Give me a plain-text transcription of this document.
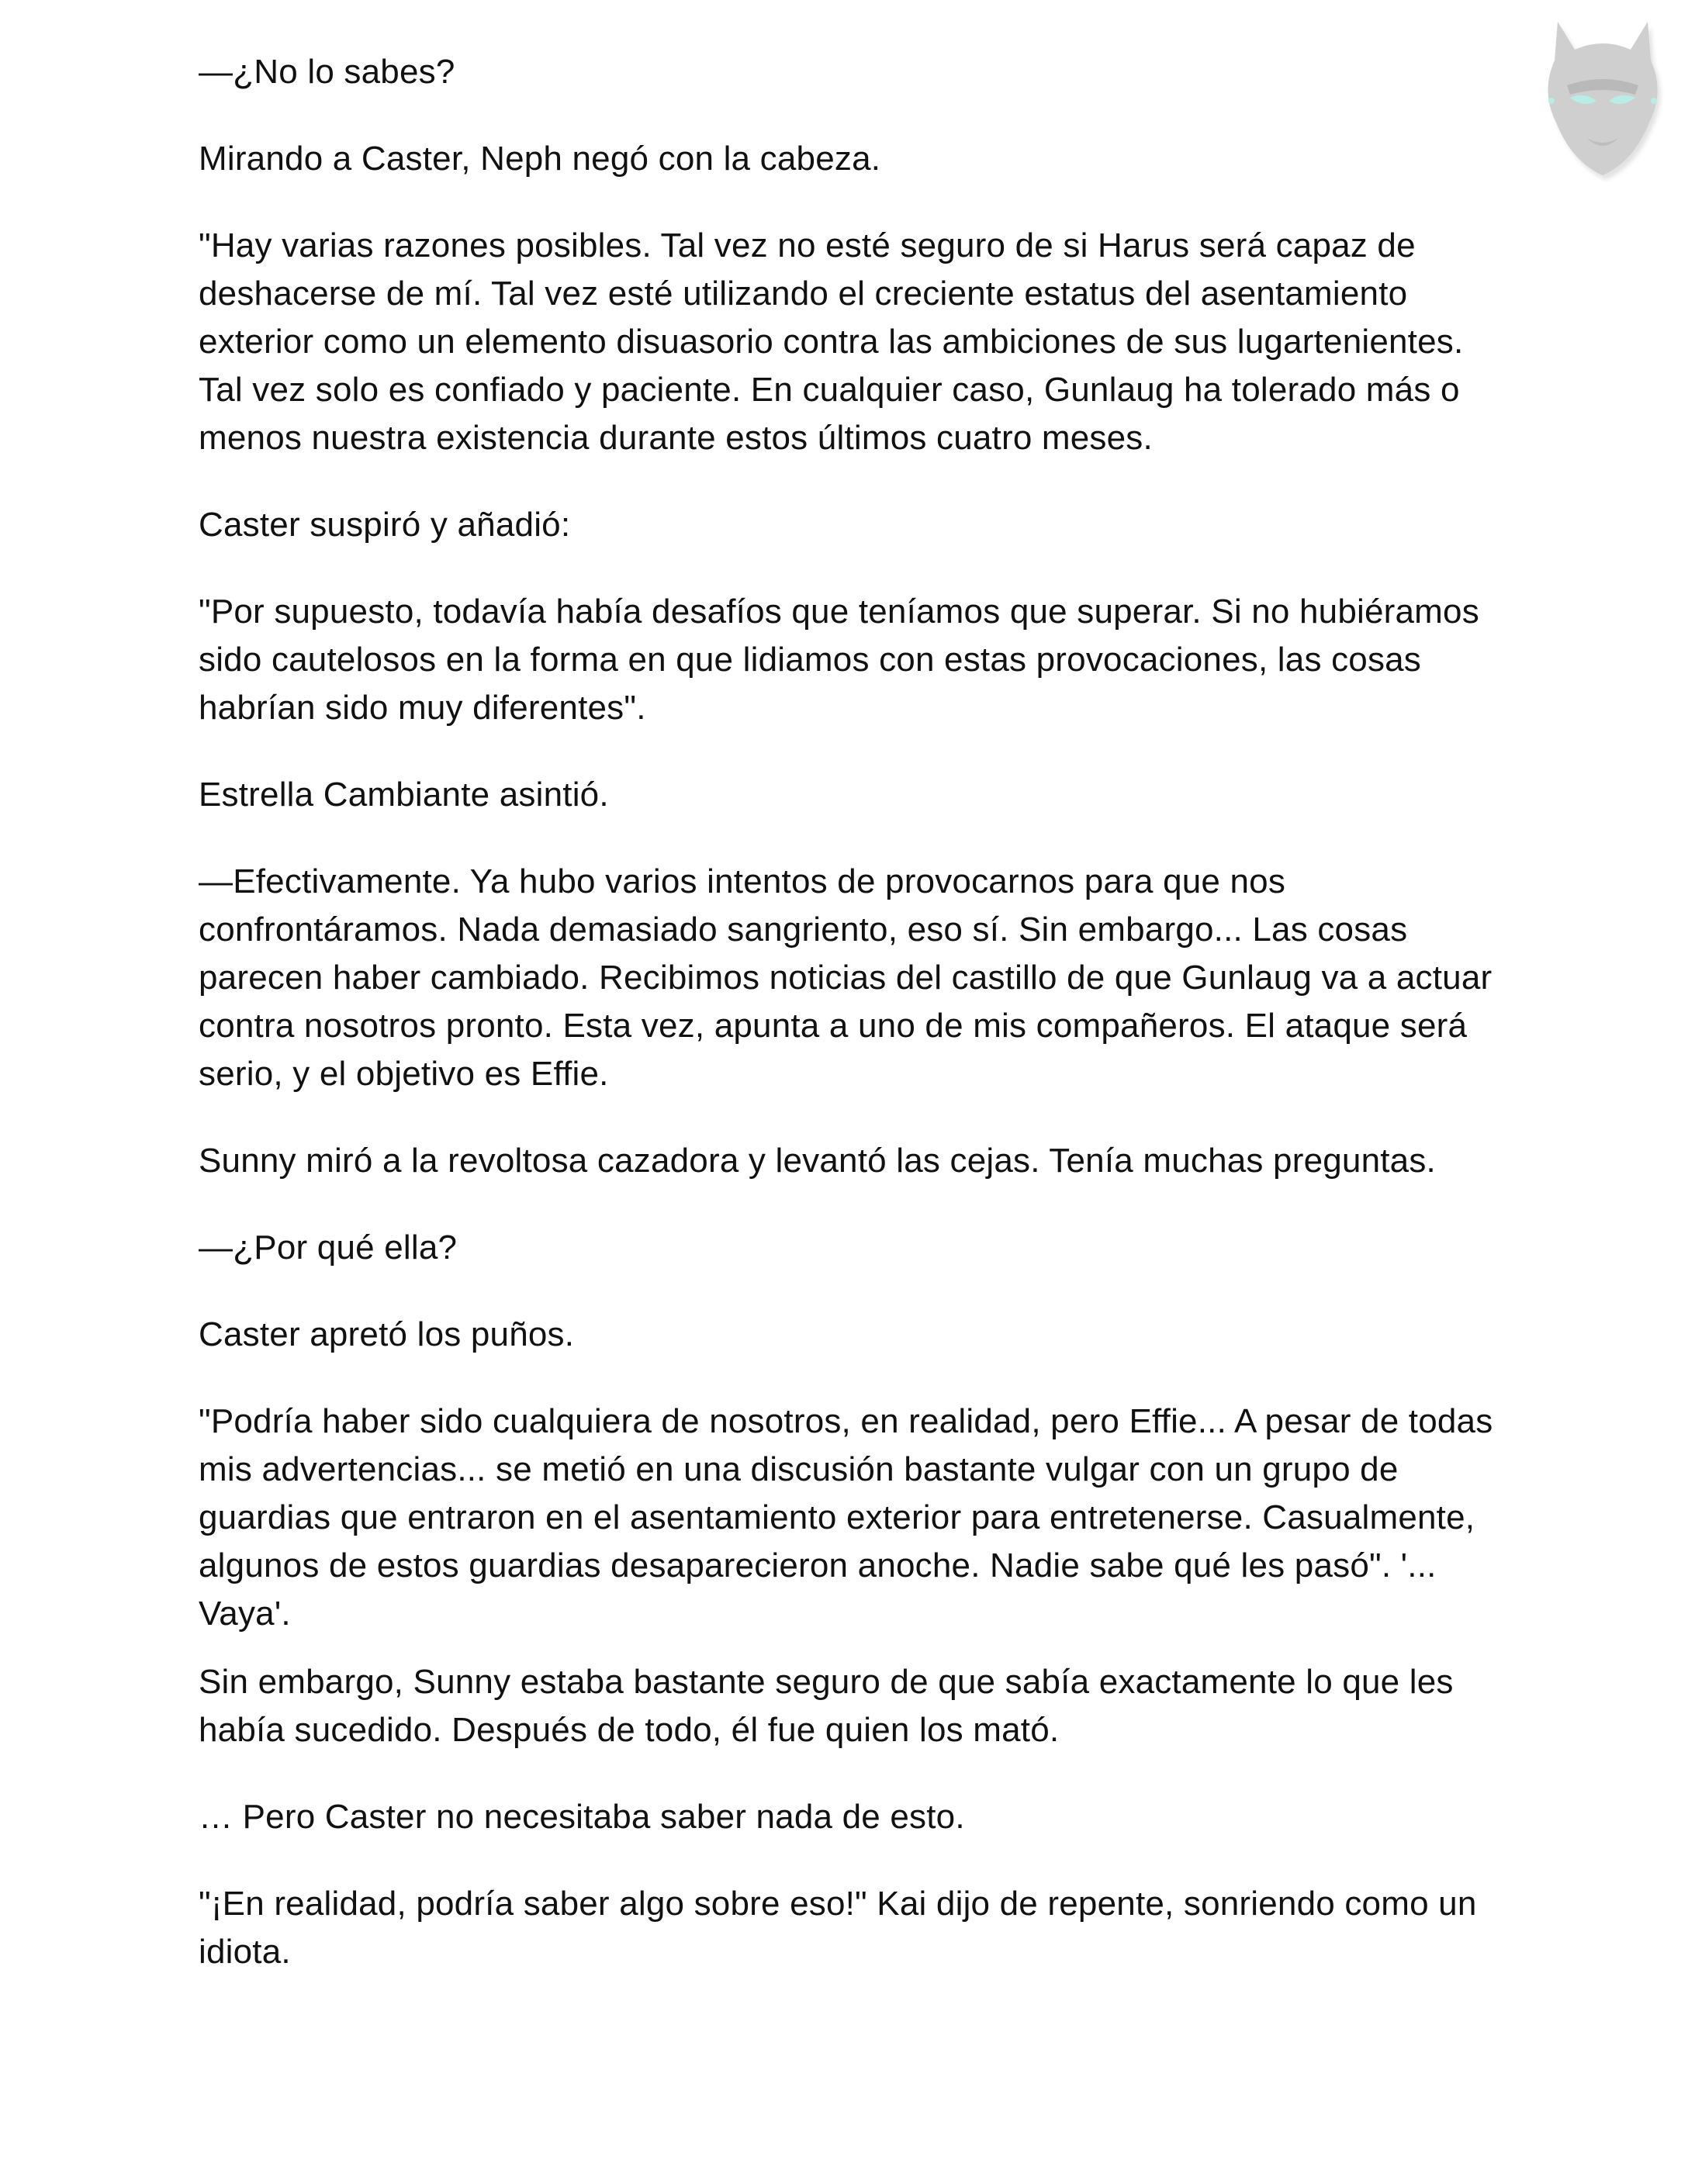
—¿No lo sabes?

Mirando a Caster, Neph negó con la cabeza.

"Hay varias razones posibles. Tal vez no esté seguro de si Harus será capaz de deshacerse de mí. Tal vez esté utilizando el creciente estatus del asentamiento exterior como un elemento disuasorio contra las ambiciones de sus lugartenientes. Tal vez solo es confiado y paciente. En cualquier caso, Gunlaug ha tolerado más o menos nuestra existencia durante estos últimos cuatro meses.

Caster suspiró y añadió:

"Por supuesto, todavía había desafíos que teníamos que superar. Si no hubiéramos sido cautelosos en la forma en que lidiamos con estas provocaciones, las cosas habrían sido muy diferentes".

Estrella Cambiante asintió.

—Efectivamente. Ya hubo varios intentos de provocarnos para que nos confrontáramos. Nada demasiado sangriento, eso sí. Sin embargo... Las cosas parecen haber cambiado. Recibimos noticias del castillo de que Gunlaug va a actuar contra nosotros pronto. Esta vez, apunta a uno de mis compañeros. El ataque será serio, y el objetivo es Effie.

Sunny miró a la revoltosa cazadora y levantó las cejas. Tenía muchas preguntas.

—¿Por qué ella?

Caster apretó los puños.

"Podría haber sido cualquiera de nosotros, en realidad, pero Effie... A pesar de todas mis advertencias... se metió en una discusión bastante vulgar con un grupo de guardias que entraron en el asentamiento exterior para entretenerse. Casualmente, algunos de estos guardias desaparecieron anoche. Nadie sabe qué les pasó". '... Vaya'.

Sin embargo, Sunny estaba bastante seguro de que sabía exactamente lo que les había sucedido. Después de todo, él fue quien los mató.

… Pero Caster no necesitaba saber nada de esto.

"¡En realidad, podría saber algo sobre eso!" Kai dijo de repente, sonriendo como un idiota.
